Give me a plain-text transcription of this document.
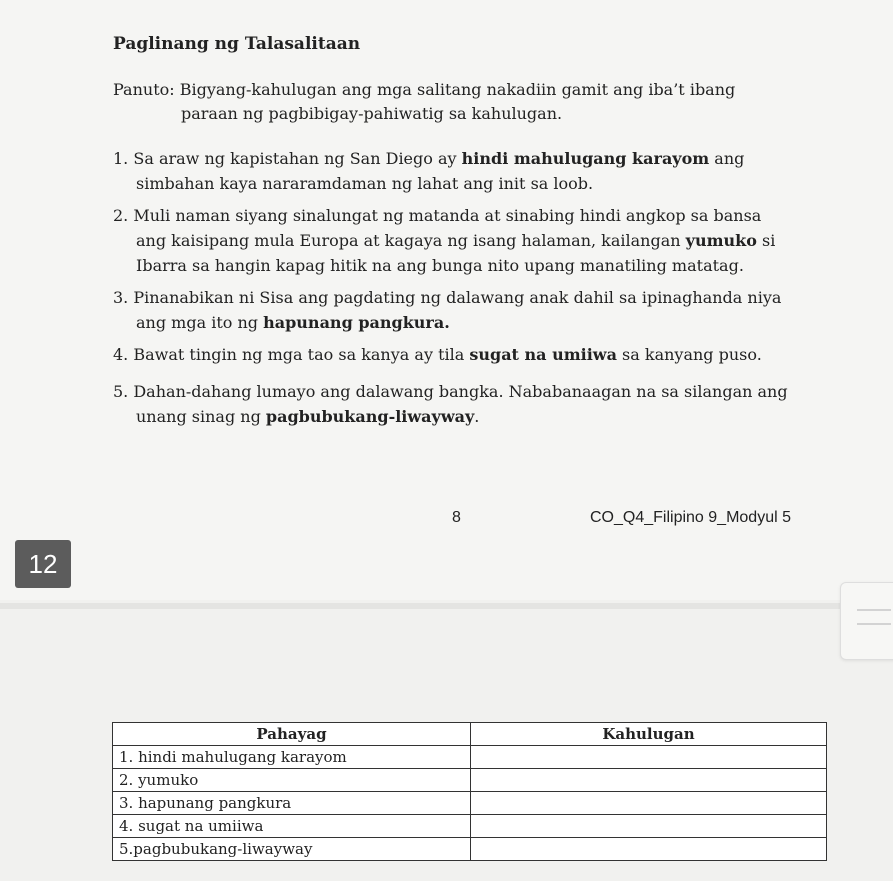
Paglinang ng Talasalitaan
Panuto: Bigyang-kahulugan ang mga salitang nakadiin gamit ang iba’t ibang
paraan ng pagbibigay-pahiwatig sa kahulugan.
1. Sa araw ng kapistahan ng San Diego ay hindi mahulugang karayom ang
simbahan kaya nararamdaman ng lahat ang init sa loob.
2. Muli naman siyang sinalungat ng matanda at sinabing hindi angkop sa bansa
ang kaisipang mula Europa at kagaya ng isang halaman, kailangan yumuko si
Ibarra sa hangin kapag hitik na ang bunga nito upang manatiling matatag.
3. Pinanabikan ni Sisa ang pagdating ng dalawang anak dahil sa ipinaghanda niya
ang mga ito ng hapunang pangkura.
4. Bawat tingin ng mga tao sa kanya ay tila sugat na umiiwa sa kanyang puso.
5. Dahan-dahang lumayo ang dalawang bangka. Nababanaagan na sa silangan ang
unang sinag ng pagbubukang-liwayway.
8	CO_Q4_Filipino 9_Modyul 5
12
Pahayag	Kahulugan
1. hindi mahulugang karayom	
2. yumuko	
3. hapunang pangkura	
4. sugat na umiiwa	
5.pagbubukang-liwayway	
